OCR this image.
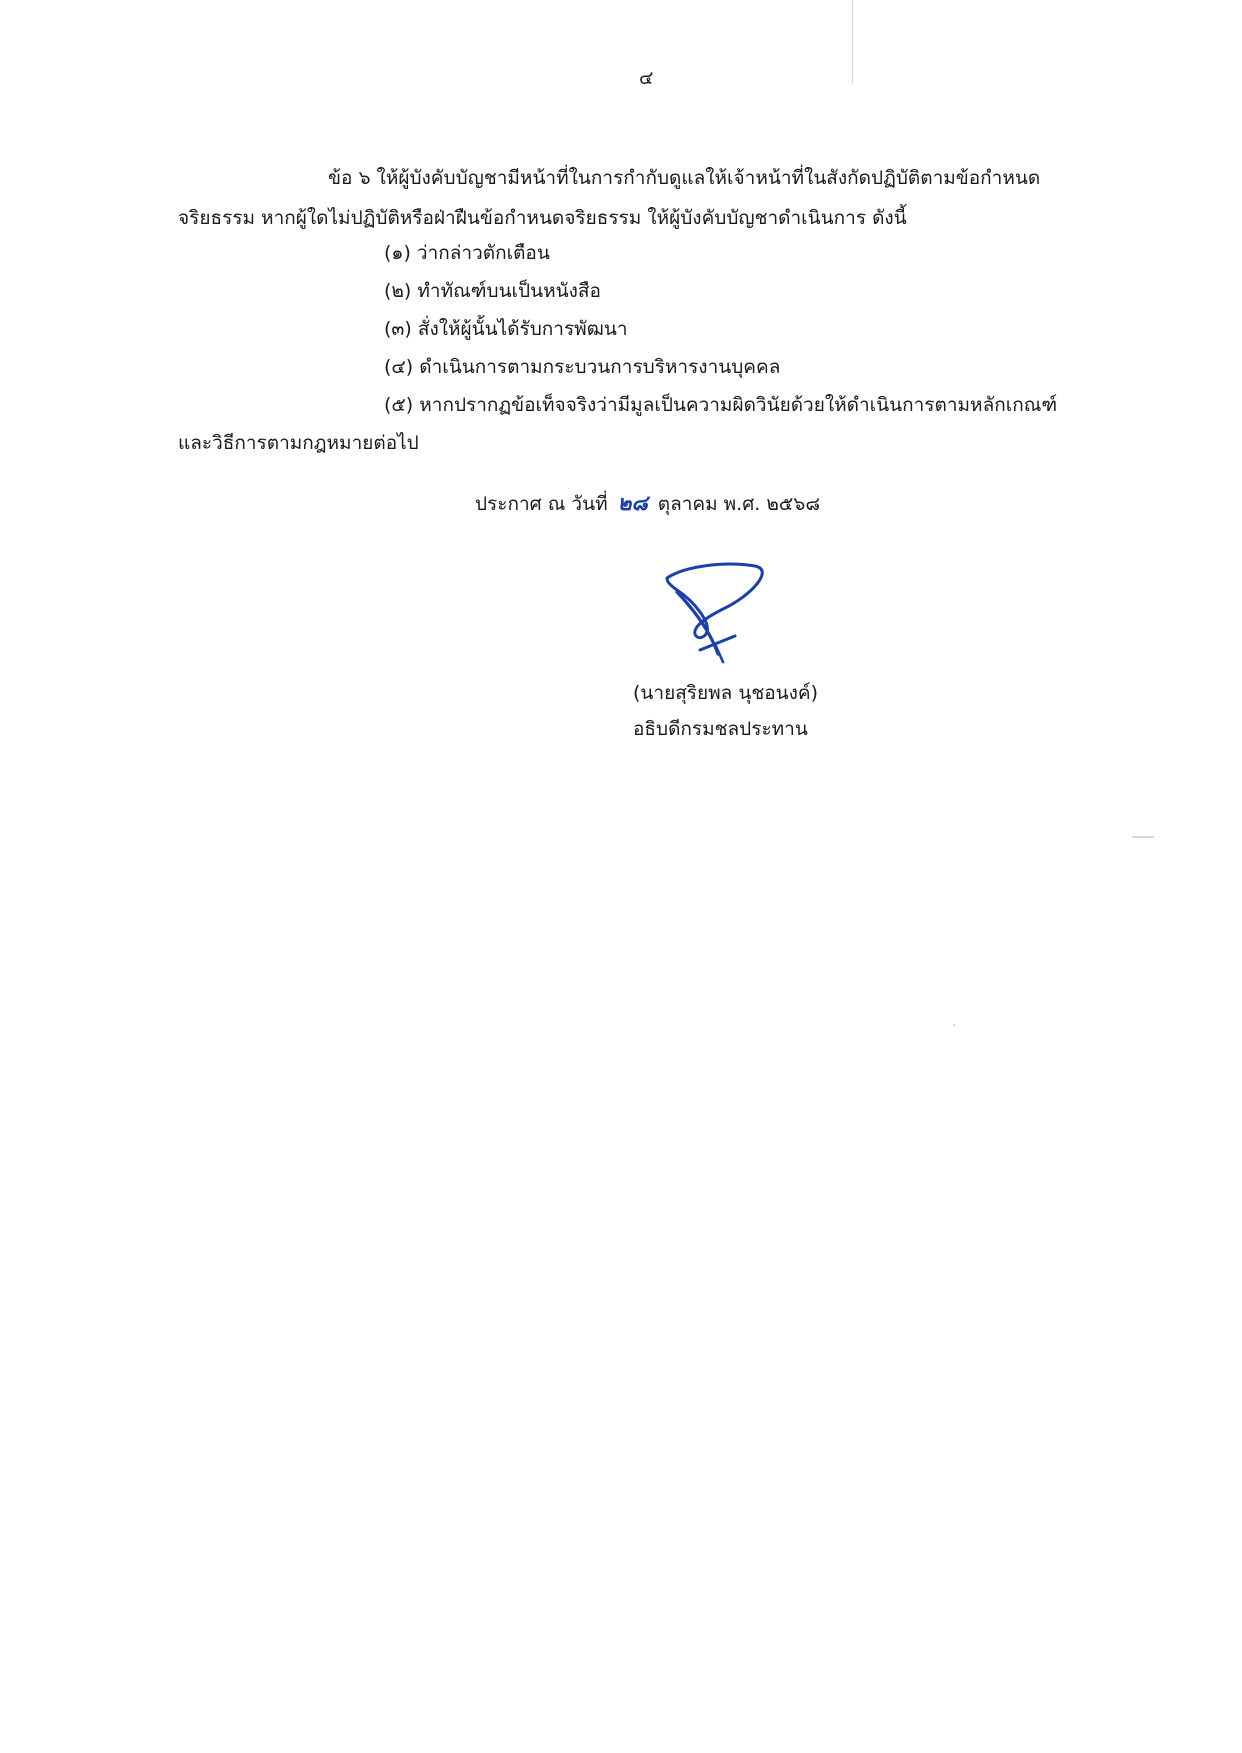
๔
ข้อ ๖ ให้ผู้บังคับบัญชามีหน้าที่ในการกำกับดูแลให้เจ้าหน้าที่ในสังกัดปฏิบัติตามข้อกำหนด
จริยธรรม หากผู้ใดไม่ปฏิบัติหรือฝ่าฝืนข้อกำหนดจริยธรรม ให้ผู้บังคับบัญชาดำเนินการ ดังนี้
(๑) ว่ากล่าวตักเตือน
(๒) ทำทัณฑ์บนเป็นหนังสือ
(๓) สั่งให้ผู้นั้นได้รับการพัฒนา
(๔) ดำเนินการตามกระบวนการบริหารงานบุคคล
(๕) หากปรากฏข้อเท็จจริงว่ามีมูลเป็นความผิดวินัยด้วยให้ดำเนินการตามหลักเกณฑ์
และวิธีการตามกฎหมายต่อไป
ประกาศ ณ วันที่ ๒๘ ตุลาคม พ.ศ. ๒๕๖๘
(นายสุริยพล นุชอนงค์)
อธิบดีกรมชลประทาน
